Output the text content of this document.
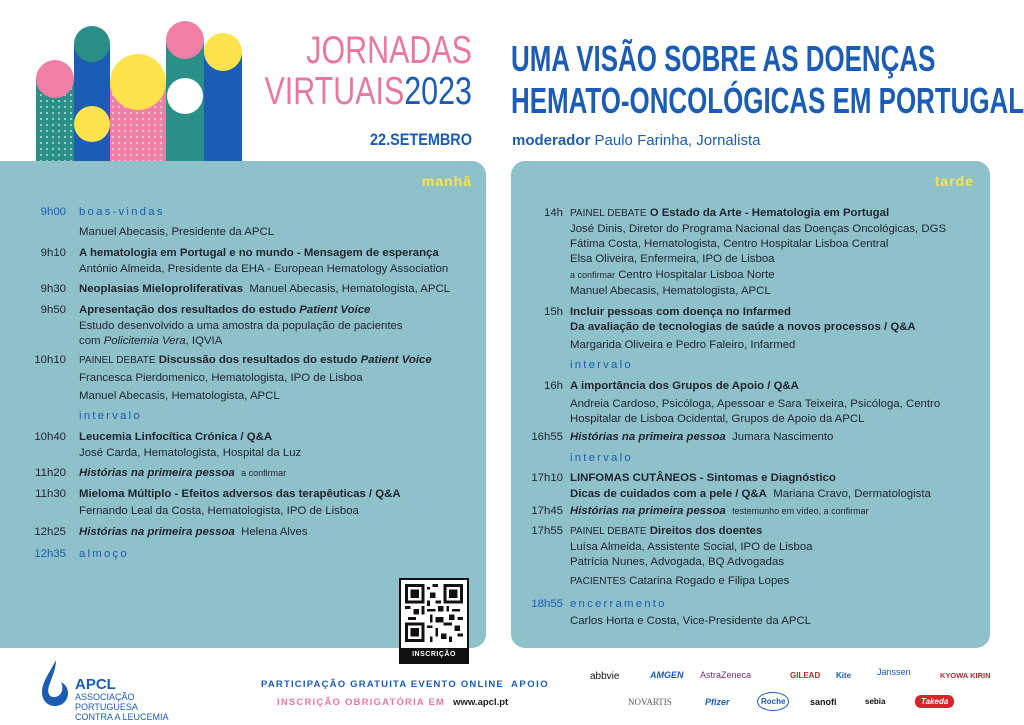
JORNADAS
VIRTUAIS2023
22.SETEMBRO
UMA VISÃO SOBRE AS DOENÇAS
HEMATO-ONCOLÓGICAS EM PORTUGAL
moderador Paulo Farinha, Jornalista
manhã
9h00 boas-vindas
Manuel Abecasis, Presidente da APCL
9h10 A hematologia em Portugal e no mundo - Mensagem de esperança
António Almeida, Presidente da EHA - European Hematology Association
9h30 Neoplasias Mieloproliferativas Manuel Abecasis, Hematologista, APCL
9h50 Apresentação dos resultados do estudo Patient Voice
Estudo desenvolvido a uma amostra da população de pacientes
com Policitemia Vera, IQVIA
10h10 PAINEL DEBATE Discussão dos resultados do estudo Patient Voice
Francesca Pierdomenico, Hematologista, IPO de Lisboa
Manuel Abecasis, Hematologista, APCL
intervalo
10h40 Leucemia Linfocítica Crónica / Q&A
José Carda, Hematologista, Hospital da Luz
11h20 Histórias na primeira pessoa a confirmar
11h30 Mieloma Múltiplo - Efeitos adversos das terapêuticas / Q&A
Fernando Leal da Costa, Hematologista, IPO de Lisboa
12h25 Histórias na primeira pessoa Helena Alves
12h35 almoço
INSCRIÇÃO
tarde
14h PAINEL DEBATE O Estado da Arte - Hematologia em Portugal
José Dinis, Diretor do Programa Nacional das Doenças Oncológicas, DGS
Fátima Costa, Hematologista, Centro Hospitalar Lisboa Central
Elsa Oliveira, Enfermeira, IPO de Lisboa
a confirmar Centro Hospitalar Lisboa Norte
Manuel Abecasis, Hematologista, APCL
15h Incluir pessoas com doença no Infarmed
Da avaliação de tecnologias de saúde a novos processos / Q&A
Margarida Oliveira e Pedro Faleiro, Infarmed
intervalo
16h A importância dos Grupos de Apoio / Q&A
Andreia Cardoso, Psicóloga, Apessoar e Sara Teixeira, Psicóloga, Centro
Hospitalar de Lisboa Ocidental, Grupos de Apoio da APCL
16h55 Histórias na primeira pessoa Jumara Nascimento
intervalo
17h10 LINFOMAS CUTÂNEOS - Sintomas e Diagnóstico
Dicas de cuidados com a pele / Q&A Mariana Cravo, Dermatologista
17h45 Histórias na primeira pessoa testemunho em vídeo, a confirmar
17h55 PAINEL DEBATE Direitos dos doentes
Luísa Almeida, Assistente Social, IPO de Lisboa
Patrícia Nunes, Advogada, BQ Advogadas
PACIENTES Catarina Rogado e Filipa Lopes
18h55 encerramento
Carlos Horta e Costa, Vice-Presidente da APCL
APCL
ASSOCIAÇÃO PORTUGUESA
CONTRA A LEUCEMIA
PARTICIPAÇÃO GRATUITA EVENTO ONLINE
INSCRIÇÃO OBRIGATÓRIA EM www.apcl.pt
APOIO
abbvie	AMGEN AstraZeneca	GILEAD Kite	Janssen	KYOWA KIRIN
NOVARTIS	Pfizer	Roche	sanofi	sebia	Takeda
